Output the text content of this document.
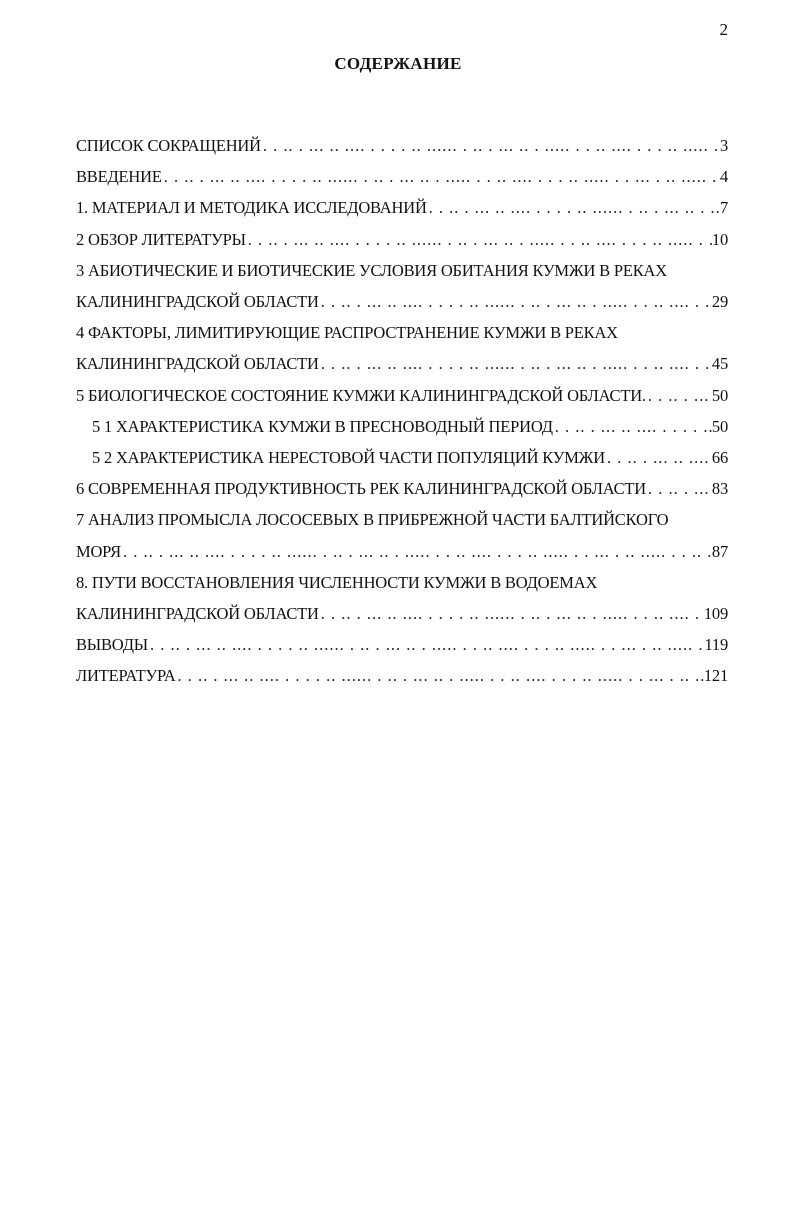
2
СОДЕРЖАНИЕ
СПИСОК СОКРАЩЕНИЙ . . .	3
ВВЕДЕНИЕ . . .	4
1. МАТЕРИАЛ И МЕТОДИКА ИССЛЕДОВАНИЙ . . .	7
2 ОБЗОР ЛИТЕРАТУРЫ . . .	10
3 АБИОТИЧЕСКИЕ И БИОТИЧЕСКИЕ УСЛОВИЯ ОБИТАНИЯ КУМЖИ В РЕКАХ
КАЛИНИНГРАДСКОЙ ОБЛАСТИ . . .	29
4 ФАКТОРЫ, ЛИМИТИРУЮЩИЕ РАСПРОСТРАНЕНИЕ КУМЖИ В РЕКАХ
КАЛИНИНГРАДСКОЙ ОБЛАСТИ . . .	45
5 БИОЛОГИЧЕСКОЕ СОСТОЯНИЕ КУМЖИ КАЛИНИНГРАДСКОЙ ОБЛАСТИ. . . .	50
5 1 ХАРАКТЕРИСТИКА КУМЖИ В ПРЕСНОВОДНЫЙ ПЕРИОД . . .	50
5 2 ХАРАКТЕРИСТИКА НЕРЕСТОВОЙ ЧАСТИ ПОПУЛЯЦИЙ КУМЖИ . . .	66
6 СОВРЕМЕННАЯ ПРОДУКТИВНОСТЬ РЕК КАЛИНИНГРАДСКОЙ ОБЛАСТИ . . .	83
7 АНАЛИЗ ПРОМЫСЛА ЛОСОСЕВЫХ В ПРИБРЕЖНОЙ ЧАСТИ БАЛТИЙСКОГО
МОРЯ . . .	87
8. ПУТИ ВОССТАНОВЛЕНИЯ ЧИСЛЕННОСТИ КУМЖИ В ВОДОЕМАХ
КАЛИНИНГРАДСКОЙ ОБЛАСТИ . . .	109
ВЫВОДЫ . . .	119
ЛИТЕРАТУРА . . .	121
